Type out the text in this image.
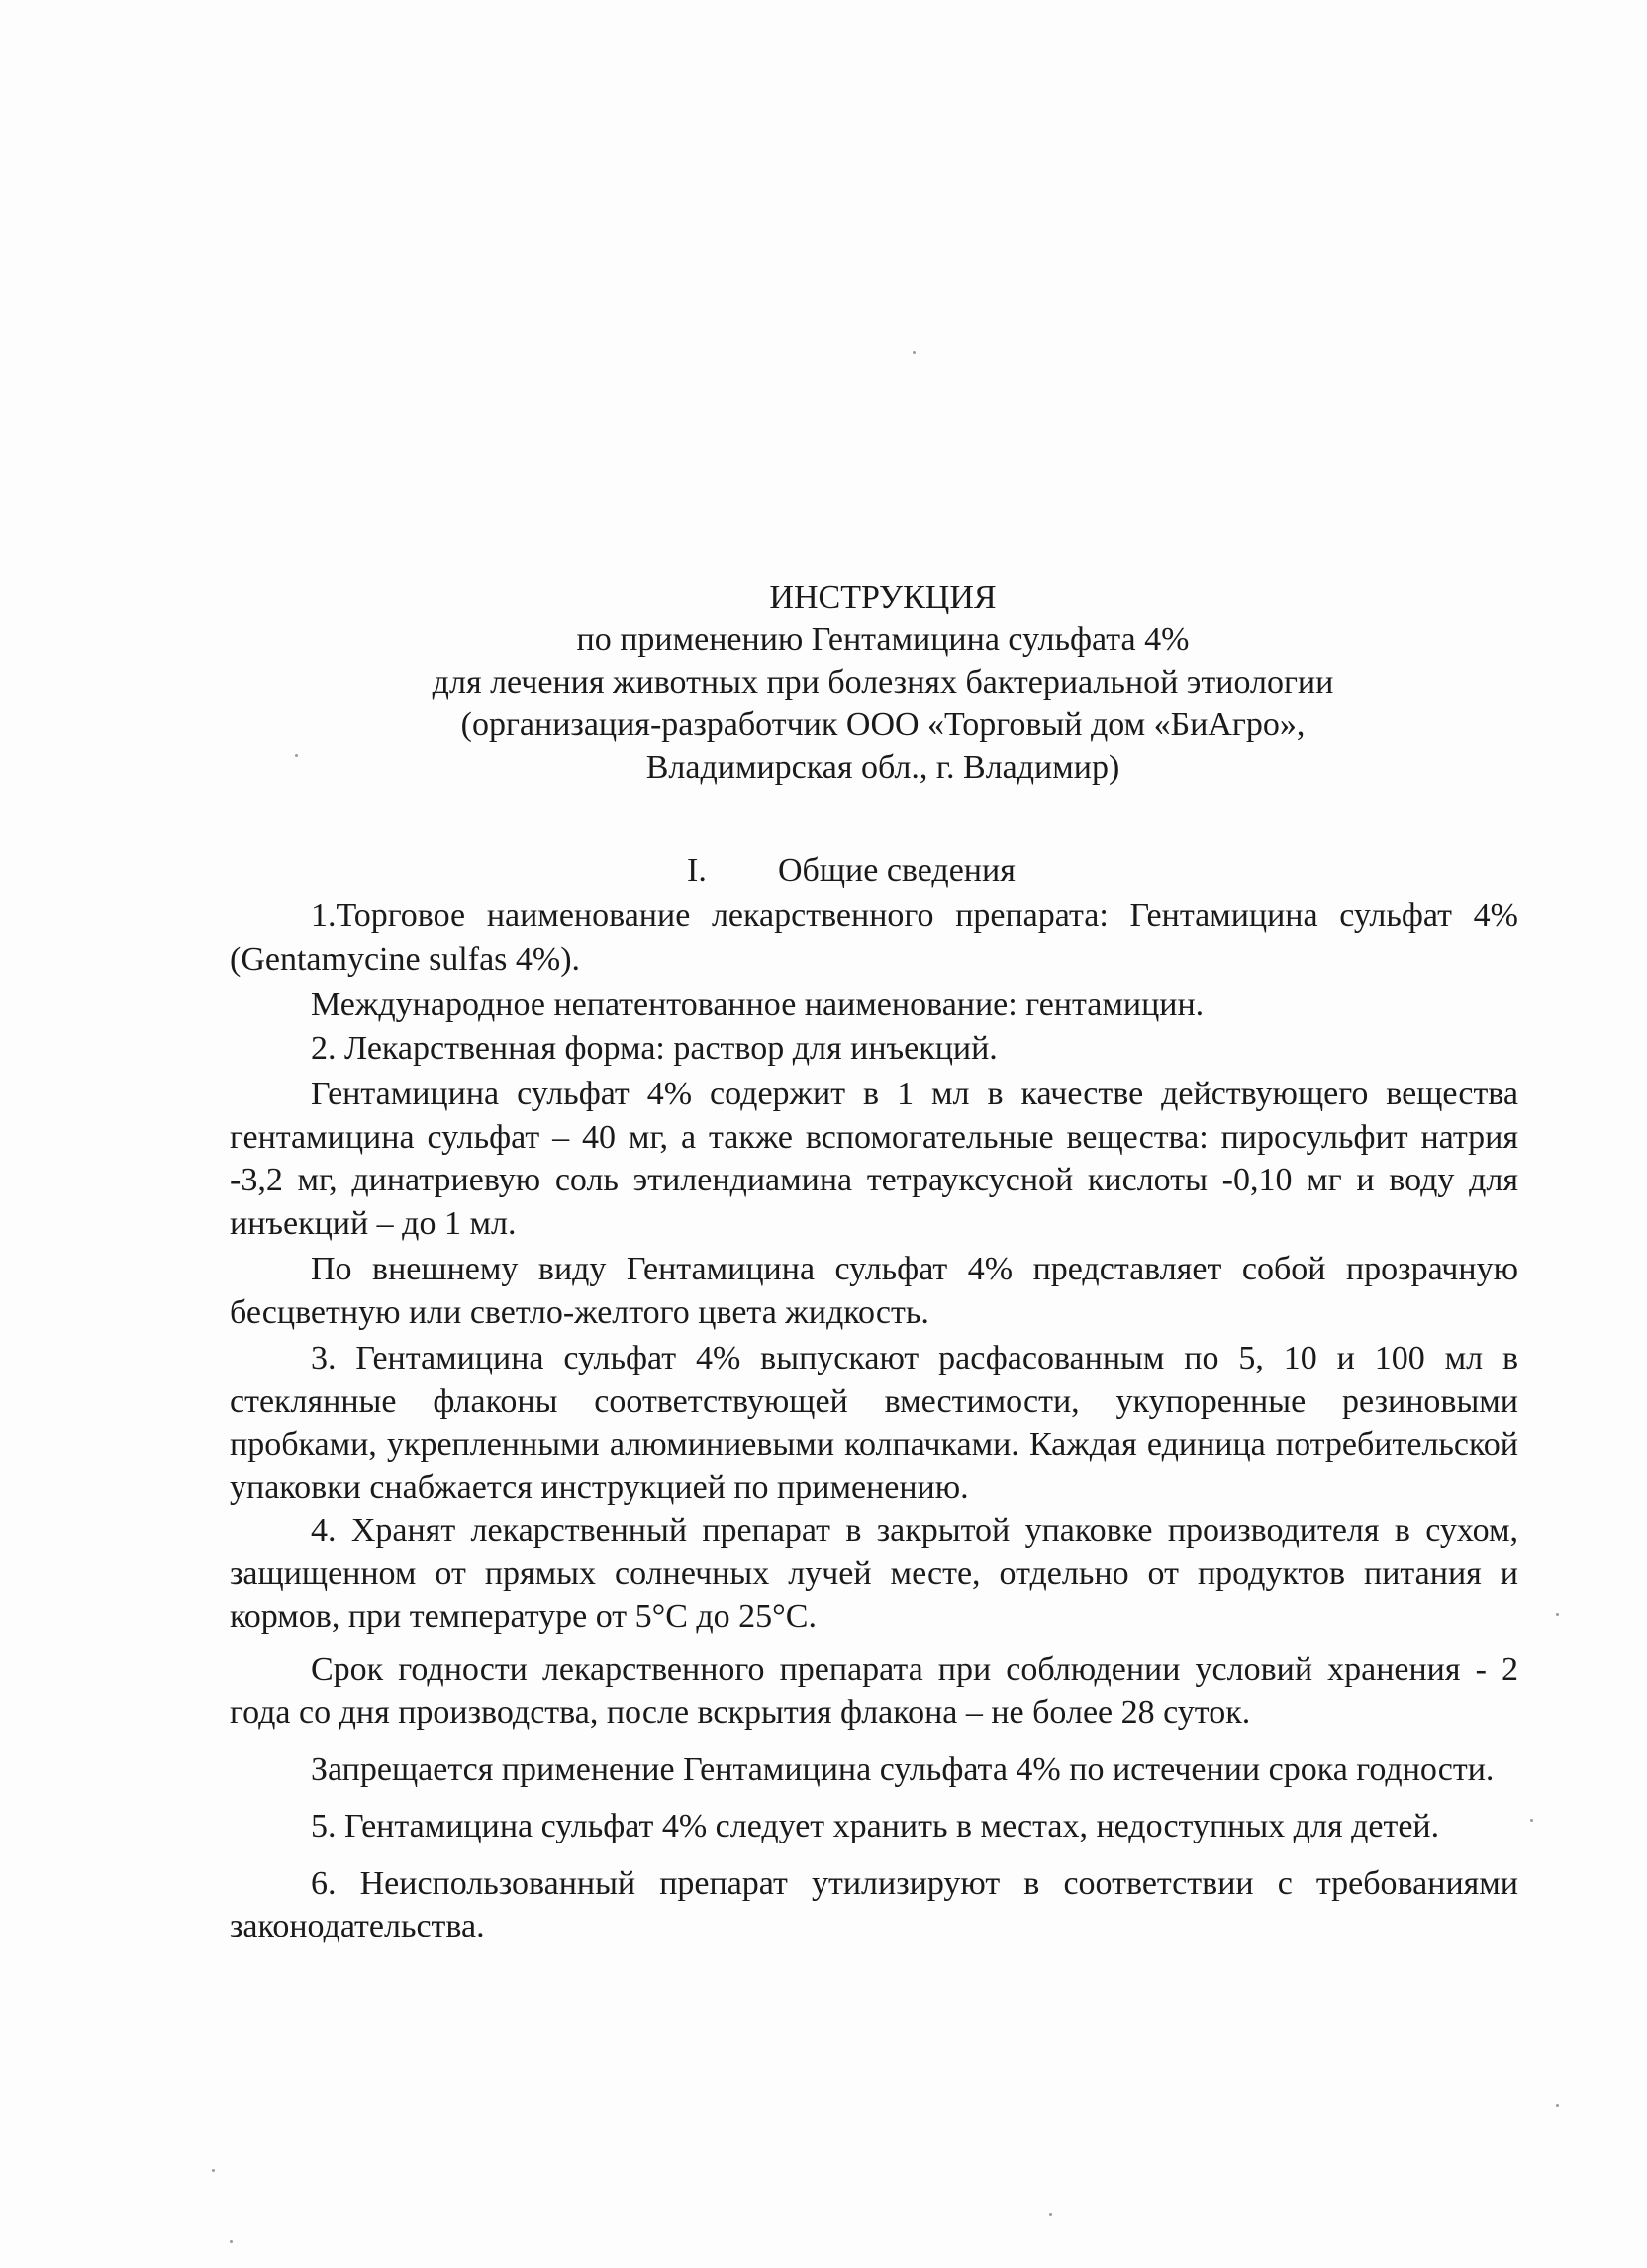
ИНСТРУКЦИЯ
по применению Гентамицина сульфата 4%
для лечения животных при болезнях бактериальной этиологии
(организация-разработчик ООО «Торговый дом «БиАгро»,
Владимирская обл., г. Владимир)
I. Общие сведения

1.Торговое наименование лекарственного препарата: Гентамицина сульфат 4% (Gentamycine sulfas 4%).

Международное непатентованное наименование: гентамицин.

2. Лекарственная форма: раствор для инъекций.

Гентамицина сульфат 4% содержит в 1 мл в качестве действующего вещества гентамицина сульфат – 40 мг, а также вспомогательные вещества: пиросульфит натрия -3,2 мг, динатриевую соль этилендиамина тетрауксусной кислоты -0,10 мг и воду для инъекций – до 1 мл.

По внешнему виду Гентамицина сульфат 4% представляет собой прозрачную бесцветную или светло-желтого цвета жидкость.

3. Гентамицина сульфат 4% выпускают расфасованным по 5, 10 и 100 мл в стеклянные флаконы соответствующей вместимости, укупоренные резиновыми пробками, укрепленными алюминиевыми колпачками. Каждая единица потребительской упаковки снабжается инструкцией по применению.

4. Хранят лекарственный препарат в закрытой упаковке производителя в сухом, защищенном от прямых солнечных лучей месте, отдельно от продуктов питания и кормов, при температуре от 5°С до 25°С.

Срок годности лекарственного препарата при соблюдении условий хранения - 2 года со дня производства, после вскрытия флакона – не более 28 суток.

Запрещается применение Гентамицина сульфата 4% по истечении срока годности.

5. Гентамицина сульфат 4% следует хранить в местах, недоступных для детей.

6. Неиспользованный препарат утилизируют в соответствии с требованиями законодательства.
